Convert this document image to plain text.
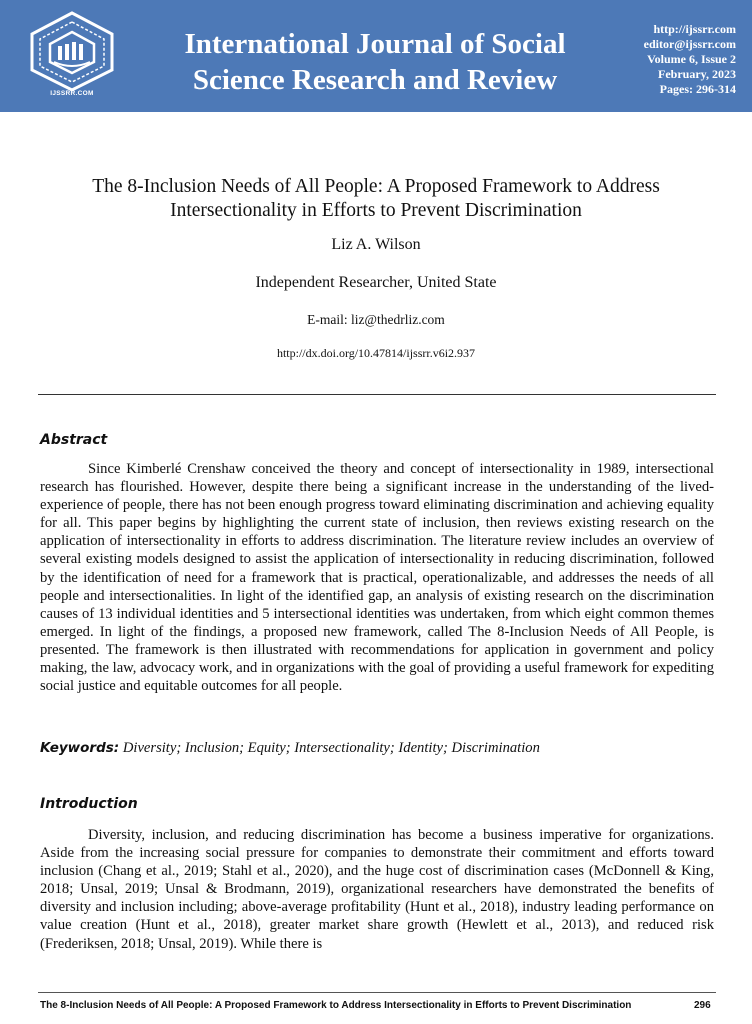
IJSSRR.COM
International Journal of Social
Science Research and Review
http://ijssrr.com
editor@ijssrr.com
Volume 6, Issue 2
February, 2023
Pages: 296-314
The 8-Inclusion Needs of All People: A Proposed Framework to Address
Intersectionality in Efforts to Prevent Discrimination
Liz A. Wilson
Independent Researcher, United State
E-mail: liz@thedrliz.com
http://dx.doi.org/10.47814/ijssrr.v6i2.937
Abstract

Since Kimberlé Crenshaw conceived the theory and concept of intersectionality in 1989, intersectional research has flourished. However, despite there being a significant increase in the understanding of the lived-experience of people, there has not been enough progress toward eliminating discrimination and achieving equality for all. This paper begins by highlighting the current state of inclusion, then reviews existing research on the application of intersectionality in efforts to address discrimination. The literature review includes an overview of several existing models designed to assist the application of intersectionality in reducing discrimination, followed by the identification of need for a framework that is practical, operationalizable, and addresses the needs of all people and intersectionalities. In light of the identified gap, an analysis of existing research on the discrimination causes of 13 individual identities and 5 intersectional identities was undertaken, from which eight common themes emerged. In light of the findings, a proposed new framework, called The 8-Inclusion Needs of All People, is presented. The framework is then illustrated with recommendations for application in government and policy making, the law, advocacy work, and in organizations with the goal of providing a useful framework for expediting social justice and equitable outcomes for all people.

Keywords: Diversity; Inclusion; Equity; Intersectionality; Identity; Discrimination
Introduction

Diversity, inclusion, and reducing discrimination has become a business imperative for organizations. Aside from the increasing social pressure for companies to demonstrate their commitment and efforts toward inclusion (Chang et al., 2019; Stahl et al., 2020), and the huge cost of discrimination cases (McDonnell & King, 2018; Unsal, 2019; Unsal & Brodmann, 2019), organizational researchers have demonstrated the benefits of diversity and inclusion including; above-average profitability (Hunt et al., 2018), industry leading performance on value creation (Hunt et al., 2018), greater market share growth (Hewlett et al., 2013), and reduced risk (Frederiksen, 2018; Unsal, 2019). While there is

The 8-Inclusion Needs of All People: A Proposed Framework to Address Intersectionality in Efforts to Prevent Discrimination	296
